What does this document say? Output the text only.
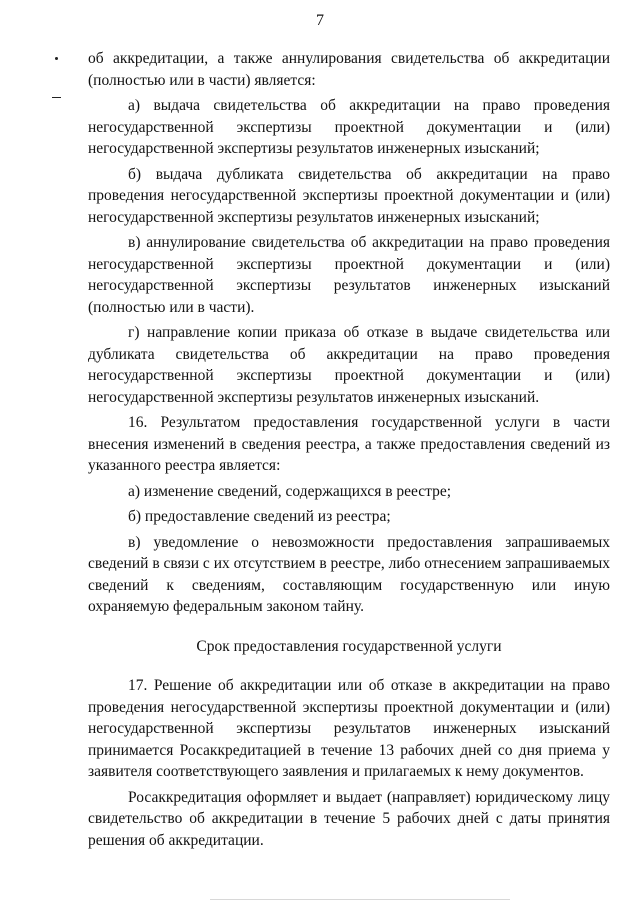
7

об аккредитации, а также аннулирования свидетельства об аккредитации (полностью или в части) является:

а) выдача свидетельства об аккредитации на право проведения негосударственной экспертизы проектной документации и (или) негосударственной экспертизы результатов инженерных изысканий;

б) выдача дубликата свидетельства об аккредитации на право проведения негосударственной экспертизы проектной документации и (или) негосударственной экспертизы результатов инженерных изысканий;

в) аннулирование свидетельства об аккредитации на право проведения негосударственной экспертизы проектной документации и (или) негосударственной экспертизы результатов инженерных изысканий (полностью или в части).

г) направление копии приказа об отказе в выдаче свидетельства или дубликата свидетельства об аккредитации на право проведения негосударственной экспертизы проектной документации и (или) негосударственной экспертизы результатов инженерных изысканий.

16. Результатом предоставления государственной услуги в части внесения изменений в сведения реестра, а также предоставления сведений из указанного реестра является:

а) изменение сведений, содержащихся в реестре;

б) предоставление сведений из реестра;

в) уведомление о невозможности предоставления запрашиваемых сведений в связи с их отсутствием в реестре, либо отнесением запрашиваемых сведений к сведениям, составляющим государственную или иную охраняемую федеральным законом тайну.

Срок предоставления государственной услуги

17. Решение об аккредитации или об отказе в аккредитации на право проведения негосударственной экспертизы проектной документации и (или) негосударственной экспертизы результатов инженерных изысканий принимается Росаккредитацией в течение 13 рабочих дней со дня приема у заявителя соответствующего заявления и прилагаемых к нему документов.

Росаккредитация оформляет и выдает (направляет) юридическому лицу свидетельство об аккредитации в течение 5 рабочих дней с даты принятия решения об аккредитации.
